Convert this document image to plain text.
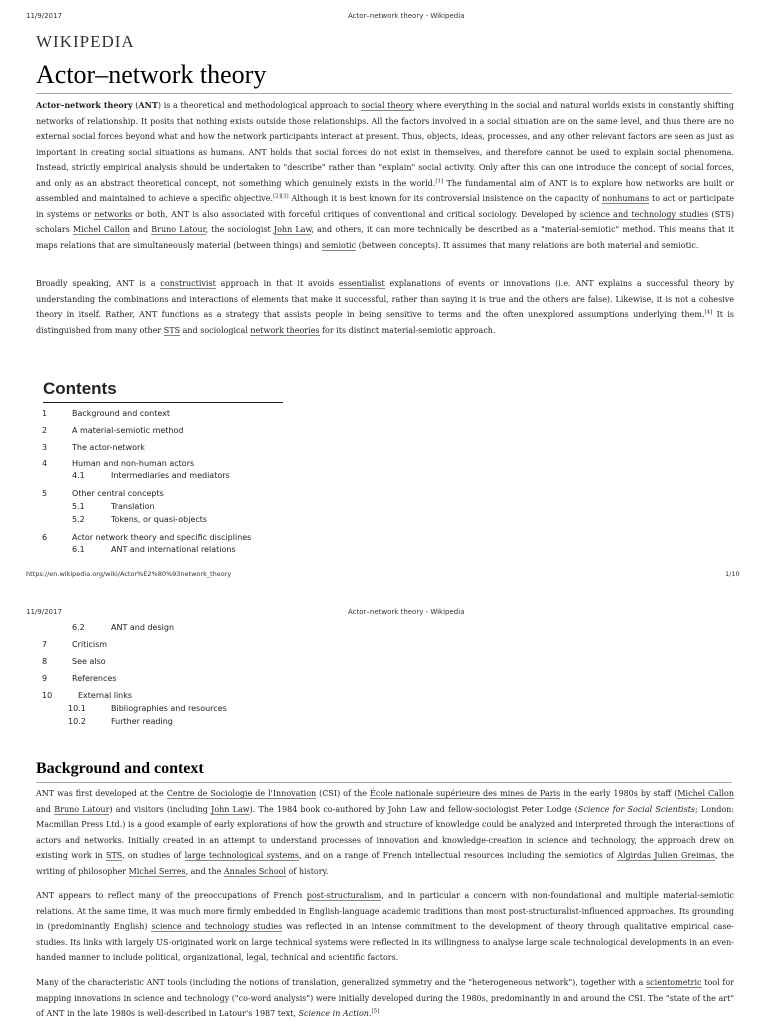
11/9/2017	Actor–network theory - Wikipedia
WIKIPEDIA
Actor–network theory

Actor–network theory (ANT) is a theoretical and methodological approach to social theory where everything in the social and natural worlds exists in constantly shifting networks of relationship. It posits that nothing exists outside those relationships. All the factors involved in a social situation are on the same level, and thus there are no external social forces beyond what and how the network participants interact at present. Thus, objects, ideas, processes, and any other relevant factors are seen as just as important in creating social situations as humans. ANT holds that social forces do not exist in themselves, and therefore cannot be used to explain social phenomena. Instead, strictly empirical analysis should be undertaken to "describe" rather than "explain" social activity. Only after this can one introduce the concept of social forces, and only as an abstract theoretical concept, not something which genuinely exists in the world.[1] The fundamental aim of ANT is to explore how networks are built or assembled and maintained to achieve a specific objective.[2][3] Although it is best known for its controversial insistence on the capacity of nonhumans to act or participate in systems or networks or both, ANT is also associated with forceful critiques of conventional and critical sociology. Developed by science and technology studies (STS) scholars Michel Callon and Bruno Latour, the sociologist John Law, and others, it can more technically be described as a "material-semiotic" method. This means that it maps relations that are simultaneously material (between things) and semiotic (between concepts). It assumes that many relations are both material and semiotic.

Broadly speaking, ANT is a constructivist approach in that it avoids essentialist explanations of events or innovations (i.e. ANT explains a successful theory by understanding the combinations and interactions of elements that make it successful, rather than saying it is true and the others are false). Likewise, it is not a cohesive theory in itself. Rather, ANT functions as a strategy that assists people in being sensitive to terms and the often unexplored assumptions underlying them.[4] It is distinguished from many other STS and sociological network theories for its distinct material-semiotic approach.

Contents
1	Background and context
2	A material-semiotic method
3	The actor-network
4	Human and non-human actors
4.1	Intermediaries and mediators
5	Other central concepts
5.1	Translation
5.2	Tokens, or quasi-objects
6	Actor network theory and specific disciplines
6.1	ANT and international relations
6.2	ANT and design
7	Criticism
8	See also
9	References
10	External links
10.1	Bibliographies and resources
10.2	Further reading
https://en.wikipedia.org/wiki/Actor%E2%80%93network_theory	1/10
11/9/2017	Actor–network theory - Wikipedia
Background and context

ANT was first developed at the Centre de Sociologie de l'Innovation (CSI) of the École nationale supérieure des mines de Paris in the early 1980s by staff (Michel Callon and Bruno Latour) and visitors (including John Law). The 1984 book co-authored by John Law and fellow-sociologist Peter Lodge (Science for Social Scientists; London: Macmillan Press Ltd.) is a good example of early explorations of how the growth and structure of knowledge could be analyzed and interpreted through the interactions of actors and networks. Initially created in an attempt to understand processes of innovation and knowledge-creation in science and technology, the approach drew on existing work in STS, on studies of large technological systems, and on a range of French intellectual resources including the semiotics of Algirdas Julien Greimas, the writing of philosopher Michel Serres, and the Annales School of history.

ANT appears to reflect many of the preoccupations of French post-structuralism, and in particular a concern with non-foundational and multiple material-semiotic relations. At the same time, it was much more firmly embedded in English-language academic traditions than most post-structuralist-influenced approaches. Its grounding in (predominantly English) science and technology studies was reflected in an intense commitment to the development of theory through qualitative empirical case-studies. Its links with largely US-originated work on large technical systems were reflected in its willingness to analyse large scale technological developments in an even-handed manner to include political, organizational, legal, technical and scientific factors.

Many of the characteristic ANT tools (including the notions of translation, generalized symmetry and the "heterogeneous network"), together with a scientometric tool for mapping innovations in science and technology ("co-word analysis") were initially developed during the 1980s, predominantly in and around the CSI. The "state of the art" of ANT in the late 1980s is well-described in Latour's 1987 text, Science in Action.[5]
